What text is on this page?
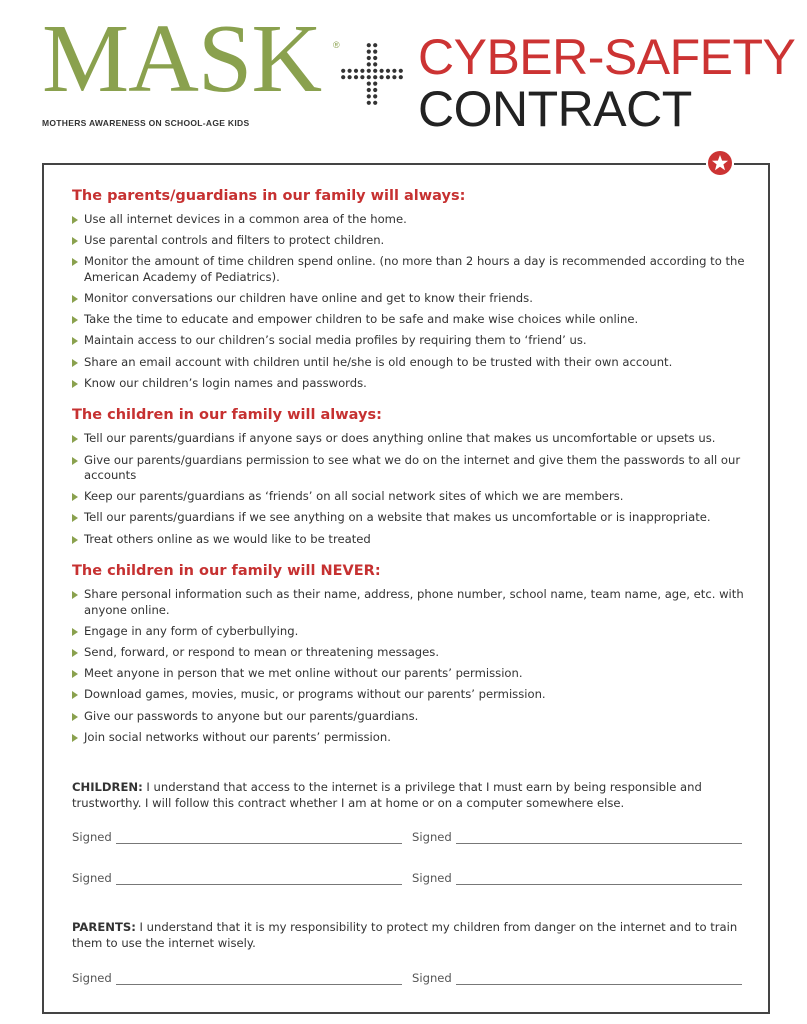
MASK ®
MOTHERS AWARENESS ON SCHOOL-AGE KIDS
CYBER-SAFETY
CONTRACT
The parents/guardians in our family will always:
Use all internet devices in a common area of the home.
Use parental controls and filters to protect children.
Monitor the amount of time children spend online. (no more than 2 hours a day is recommended according to the American Academy of Pediatrics).
Monitor conversations our children have online and get to know their friends.
Take the time to educate and empower children to be safe and make wise choices while online.
Maintain access to our children’s social media profiles by requiring them to ‘friend’ us.
Share an email account with children until he/she is old enough to be trusted with their own account.
Know our children’s login names and passwords.
The children in our family will always:
Tell our parents/guardians if anyone says or does anything online that makes us uncomfortable or upsets us.
Give our parents/guardians permission to see what we do on the internet and give them the passwords to all our accounts
Keep our parents/guardians as ‘friends’ on all social network sites of which we are members.
Tell our parents/guardians if we see anything on a website that makes us uncomfortable or is inappropriate.
Treat others online as we would like to be treated
The children in our family will NEVER:
Share personal information such as their name, address, phone number, school name, team name, age, etc. with anyone online.
Engage in any form of cyberbullying.
Send, forward, or respond to mean or threatening messages.
Meet anyone in person that we met online without our parents’ permission.
Download games, movies, music, or programs without our parents’ permission.
Give our passwords to anyone but our parents/guardians.
Join social networks without our parents’ permission.
CHILDREN: I understand that access to the internet is a privilege that I must earn by being responsible and trustworthy. I will follow this contract whether I am at home or on a computer somewhere else.
Signed	Signed
Signed	Signed
PARENTS: I understand that it is my responsibility to protect my children from danger on the internet and to train them to use the internet wisely.
Signed	Signed
